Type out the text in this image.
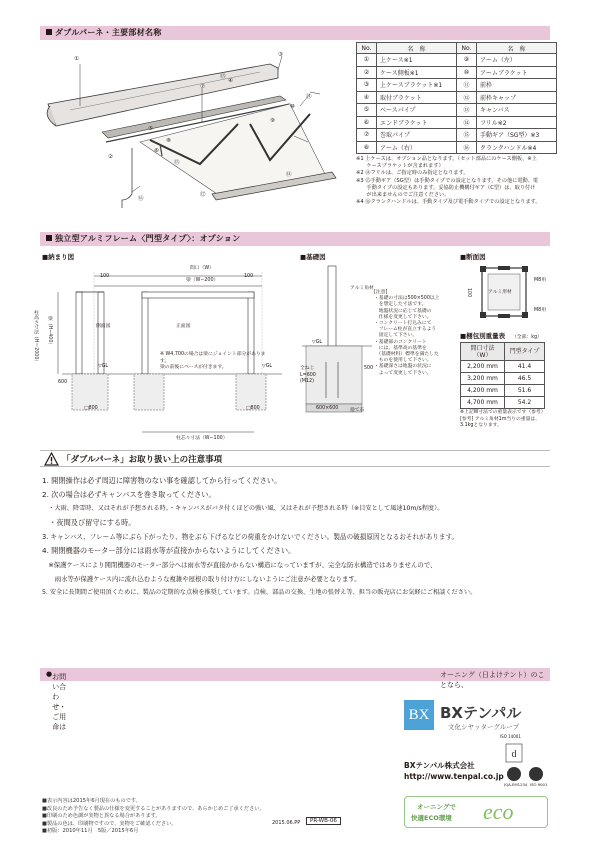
ダブルパーネ・主要部材名称
①
②
③
④
⑤
⑥
⑦
⑧
⑨
⑩
⑪
⑫
⑬
⑭
⑮
⑯
No.	名　称	No.	名　称
①	上ケース※1	⑨	アーム（左）
②	ケース側板※1	⑩	アームブラケット
③	上ケースブラケット※1	⑪	前枠
④	取付ブラケット	⑫	前枠キャップ
⑤	ベースパイプ	⑬	キャンバス
⑥	エンドブラケット	⑭	フリル※2
⑦	巻取パイプ	⑮	手動ギア（SG型）※3
⑧	アーム（右）	⑯	クランクハンドル※4
※1 上ケースは、オプション品となります。（セット部品にのケース側板、※上
　　ケースブラケットが含まれます）
※2 ⑭フリルは、ご指定時のみ指定となります。
※3 ⑮手動ギア（SG型）は手動タイプでの設定となります。その他に電動、電
　　手動タイプの設定もあります。妥協防止機構付ギア（C型）は、取り付け
　　が出来ませんのでご注意ください。
※4 ⑯クランクハンドルは、手動タイプ及び電手動タイプでの設定となります。
独立型アルミフレーム〈門型タイプ〉：オプション
■納まり図	■基礎図	■断面図
■梱包別重量表
間口（W）
100	100
梁（W−200）
側面図	正面図
柱高さ寸法（H＝2000） 梁（H−400）
▽GL	▽GL
600
□800	□800
柱芯々寸法（W−100）
※ W4,700の場合は梁にジョイント部分があります。
梁の前後にベースが付きます。
アルミ角材
[注意]
・基礎の寸法は500×500以上
　を想定した寸法です。
　地盤状況に応じて基礎の
　仕様を変更して下さい。
・コンクリート打込みにて
　フレーム柱が直立するよう
　固定して下さい。
・基礎部のコンクリート
　には、基準高の基準を
　（基礎材料）標準を満たした
　ものを使用して下さい。
・基礎深さは地盤の状況に
　よって変更して下さい。
▽GL
全ねじ
L=600
(M12)
500
600×600 捨て石
100	アルミ形材
M8用
M8用
（全部：kg）
間口寸法（W）	門型タイプ
2,200 mm	41.4
3,200 mm	46.5
4,200 mm	51.6
4,700 mm	54.2
※上記W寸法での重量表示です（参考）
[参考] アルミ角材1m当りの重量は、
3.1kgとなります。
「ダブルパーネ」お取り扱い上の注意事項
1. 開閉操作は必ず周辺に障害物のない事を確認してから行ってください。
2. 次の場合は必ずキャンバスを巻き取ってください。
　・大雨、降雪時、又はそれが予想される時。・キャンバスがバタ付くほどの強い風、又はそれが予想される時（※目安として風速10m/s程度）。
　・夜間及び留守にする時。
3. キャンバス、フレーム等にぶら下がったり、物をぶら下げるなどの荷重をかけないでください。製品の破損原因となるおそれがあります。
4. 開閉機器のモーター部分には雨水等が直接かからないようにしてください。
　※保護ケースにより開閉機器のモーター部分へは雨水等が直接かからない構造になっていますが、完全な防水構造ではありませんので、
　　雨水等が保護ケース内に流れ込むような複雑や屋根の取り付け方にしないようにご注意が必要となります。
5. 安全に長期間ご使用頂くために、製品の定期的な点検を推奨しています。点検、部品の交換、生地の張替え等、担当の販売店にお気軽にご相談ください。
● お問い合わせ・ご用命は
オーニング（日よけテント）のことなら、
BX BXテンパル
文化シヤッターグループ
BXテンパル株式会社
http://www.tenpal.co.jp
d
ISO 14001
JQA-EM1234 ISO 9001
オーニングで
快適ECO環境 eco
■表示内容は2015年6月現在のものです。
■改良のため予告なく製品の仕様を変更することがありますので、あらかじめご了承ください。
■印刷のため色調が実物と異なる場合があります。
■製品の色は、印刷物ですので、実物をご確認ください。
■初版：2010年11月　5版／2015年6月
2015.06.PP	PR-WB-06
